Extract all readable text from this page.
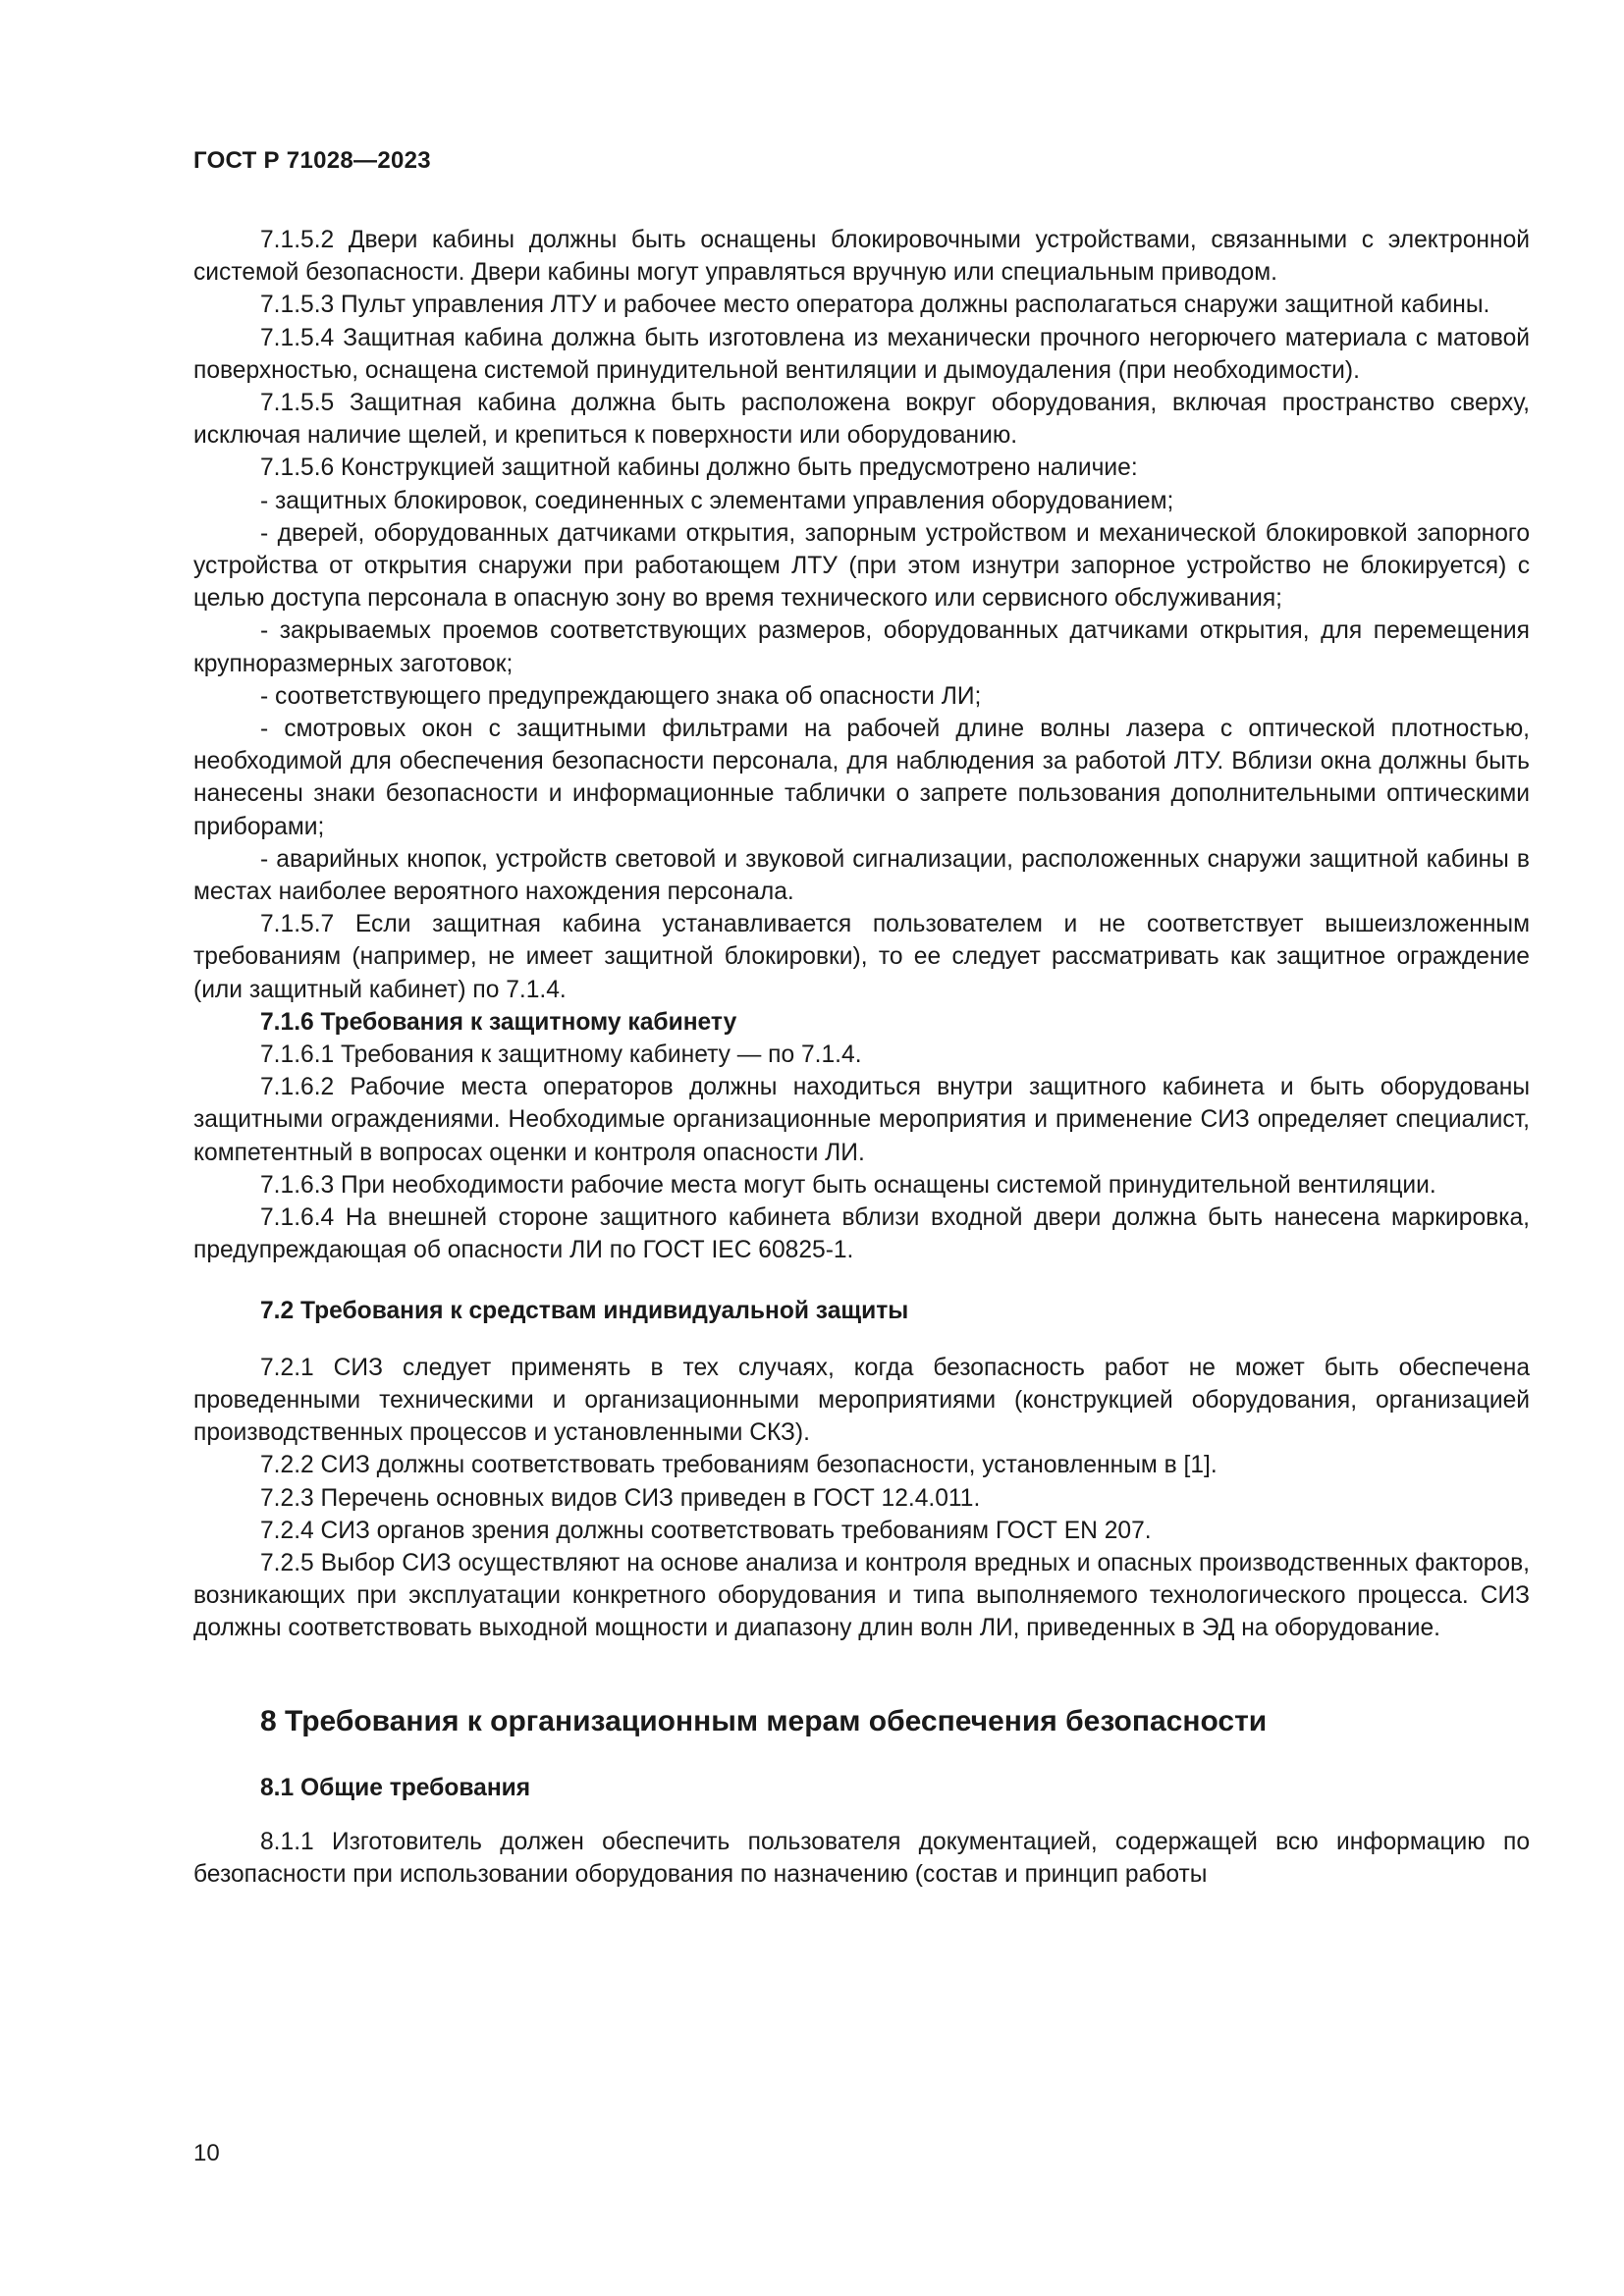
ГОСТ Р 71028—2023

7.1.5.2 Двери кабины должны быть оснащены блокировочными устройствами, связанными с электронной системой безопасности. Двери кабины могут управляться вручную или специальным приводом.

7.1.5.3 Пульт управления ЛТУ и рабочее место оператора должны располагаться снаружи защитной кабины.

7.1.5.4 Защитная кабина должна быть изготовлена из механически прочного негорючего материала с матовой поверхностью, оснащена системой принудительной вентиляции и дымоудаления (при необходимости).

7.1.5.5 Защитная кабина должна быть расположена вокруг оборудования, включая пространство сверху, исключая наличие щелей, и крепиться к поверхности или оборудованию.

7.1.5.6 Конструкцией защитной кабины должно быть предусмотрено наличие:

- защитных блокировок, соединенных с элементами управления оборудованием;

- дверей, оборудованных датчиками открытия, запорным устройством и механической блокировкой запорного устройства от открытия снаружи при работающем ЛТУ (при этом изнутри запорное устройство не блокируется) с целью доступа персонала в опасную зону во время технического или сервисного обслуживания;

- закрываемых проемов соответствующих размеров, оборудованных датчиками открытия, для перемещения крупноразмерных заготовок;

- соответствующего предупреждающего знака об опасности ЛИ;

- смотровых окон с защитными фильтрами на рабочей длине волны лазера с оптической плотностью, необходимой для обеспечения безопасности персонала, для наблюдения за работой ЛТУ. Вблизи окна должны быть нанесены знаки безопасности и информационные таблички о запрете пользования дополнительными оптическими приборами;

- аварийных кнопок, устройств световой и звуковой сигнализации, расположенных снаружи защитной кабины в местах наиболее вероятного нахождения персонала.

7.1.5.7 Если защитная кабина устанавливается пользователем и не соответствует вышеизложенным требованиям (например, не имеет защитной блокировки), то ее следует рассматривать как защитное ограждение (или защитный кабинет) по 7.1.4.

7.1.6 Требования к защитному кабинету

7.1.6.1 Требования к защитному кабинету — по 7.1.4.

7.1.6.2 Рабочие места операторов должны находиться внутри защитного кабинета и быть оборудованы защитными ограждениями. Необходимые организационные мероприятия и применение СИЗ определяет специалист, компетентный в вопросах оценки и контроля опасности ЛИ.

7.1.6.3 При необходимости рабочие места могут быть оснащены системой принудительной вентиляции.

7.1.6.4 На внешней стороне защитного кабинета вблизи входной двери должна быть нанесена маркировка, предупреждающая об опасности ЛИ по ГОСТ IEC 60825-1.

7.2 Требования к средствам индивидуальной защиты

7.2.1 СИЗ следует применять в тех случаях, когда безопасность работ не может быть обеспечена проведенными техническими и организационными мероприятиями (конструкцией оборудования, организацией производственных процессов и установленными СКЗ).

7.2.2 СИЗ должны соответствовать требованиям безопасности, установленным в [1].

7.2.3 Перечень основных видов СИЗ приведен в ГОСТ 12.4.011.

7.2.4 СИЗ органов зрения должны соответствовать требованиям ГОСТ EN 207.

7.2.5 Выбор СИЗ осуществляют на основе анализа и контроля вредных и опасных производственных факторов, возникающих при эксплуатации конкретного оборудования и типа выполняемого технологического процесса. СИЗ должны соответствовать выходной мощности и диапазону длин волн ЛИ, приведенных в ЭД на оборудование.

8 Требования к организационным мерам обеспечения безопасности

8.1 Общие требования

8.1.1 Изготовитель должен обеспечить пользователя документацией, содержащей всю информацию по безопасности при использовании оборудования по назначению (состав и принцип работы

10
